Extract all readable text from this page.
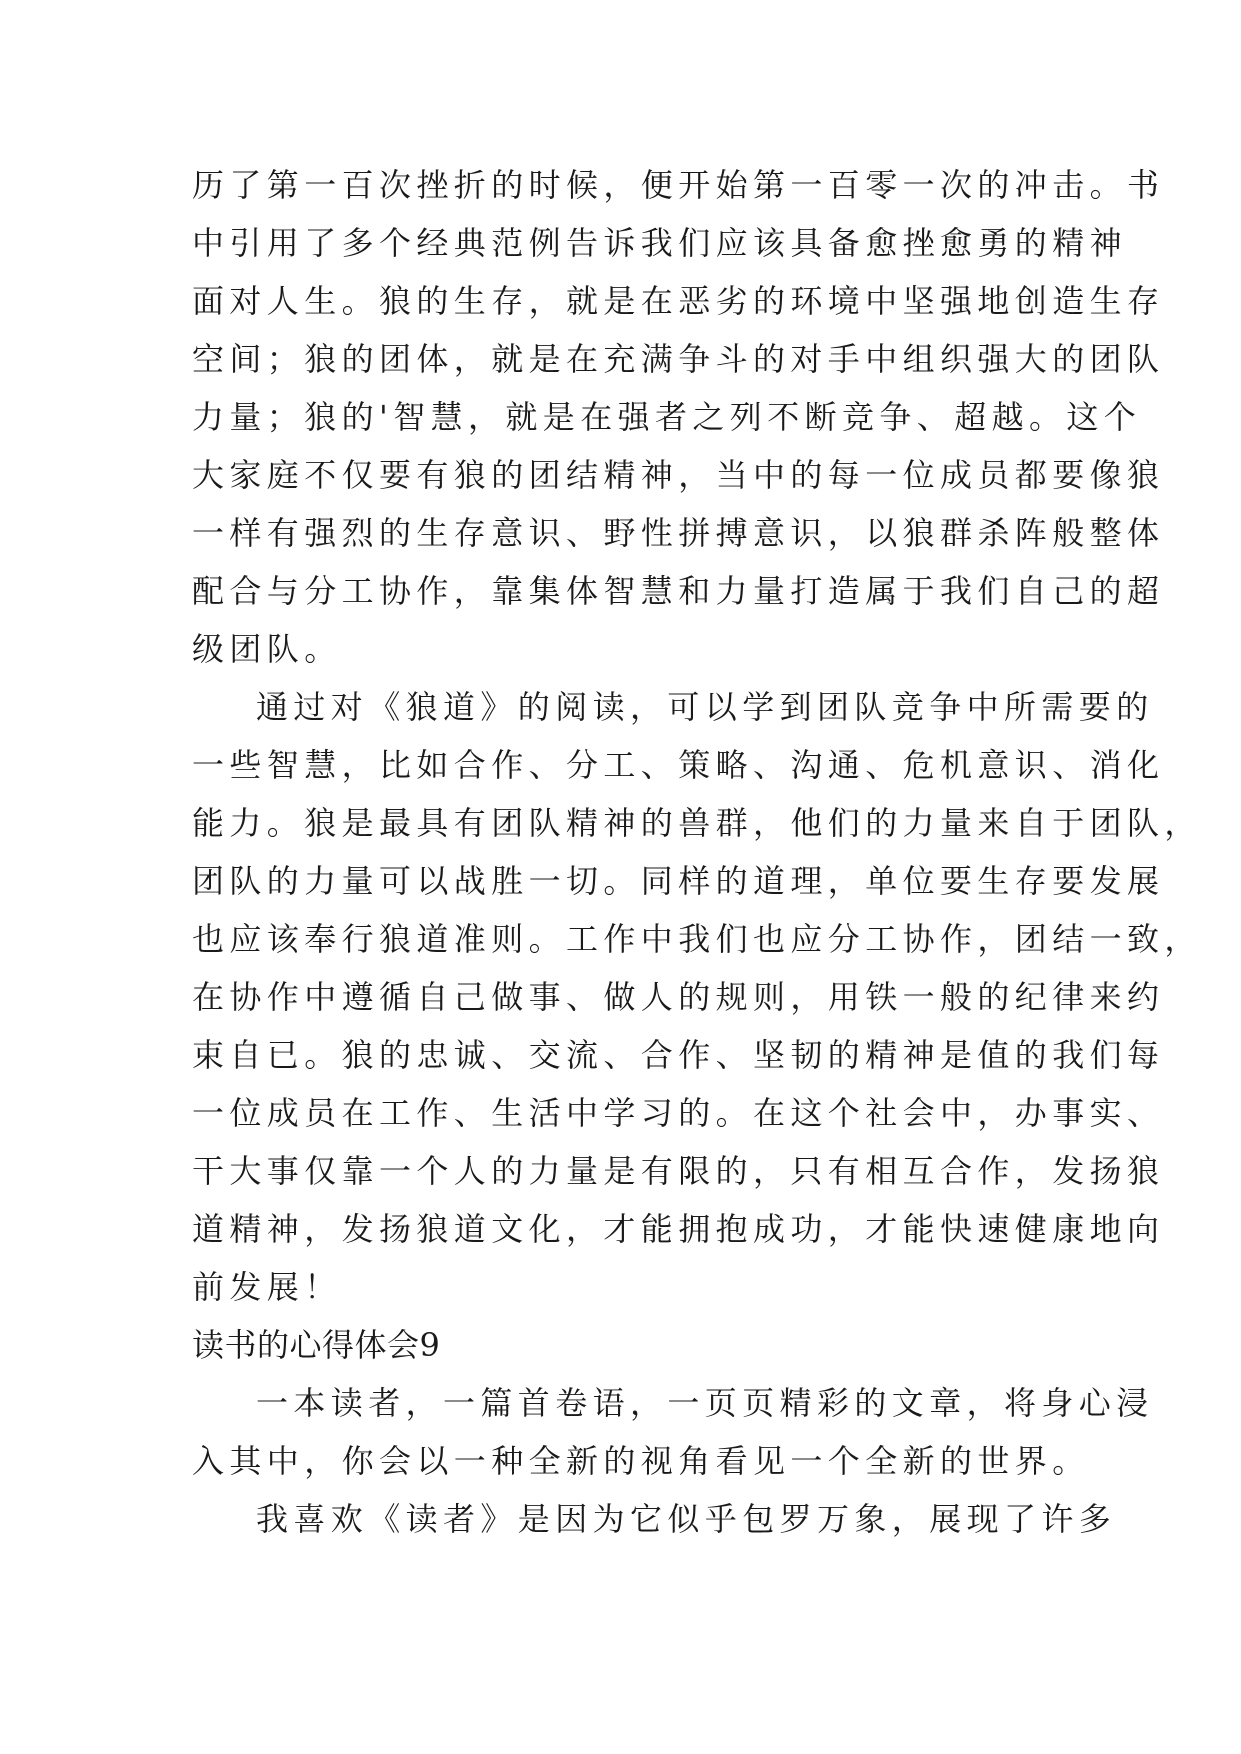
历了第一百次挫折的时候，便开始第一百零一次的冲击。书
中引用了多个经典范例告诉我们应该具备愈挫愈勇的精神
面对人生。狼的生存，就是在恶劣的环境中坚强地创造生存
空间；狼的团体，就是在充满争斗的对手中组织强大的团队
力量；狼的'智慧，就是在强者之列不断竞争、超越。这个
大家庭不仅要有狼的团结精神，当中的每一位成员都要像狼
一样有强烈的生存意识、野性拼搏意识，以狼群杀阵般整体
配合与分工协作，靠集体智慧和力量打造属于我们自己的超
级团队。
通过对《狼道》的阅读，可以学到团队竞争中所需要的
一些智慧，比如合作、分工、策略、沟通、危机意识、消化
能力。狼是最具有团队精神的兽群，他们的力量来自于团队，
团队的力量可以战胜一切。同样的道理，单位要生存要发展
也应该奉行狼道准则。工作中我们也应分工协作，团结一致，
在协作中遵循自己做事、做人的规则，用铁一般的纪律来约
束自已。狼的忠诚、交流、合作、坚韧的精神是值的我们每
一位成员在工作、生活中学习的。在这个社会中，办事实、
干大事仅靠一个人的力量是有限的，只有相互合作，发扬狼
道精神，发扬狼道文化，才能拥抱成功，才能快速健康地向
前发展！
读书的心得体会9
一本读者，一篇首卷语，一页页精彩的文章，将身心浸
入其中，你会以一种全新的视角看见一个全新的世界。
我喜欢《读者》是因为它似乎包罗万象，展现了许多
